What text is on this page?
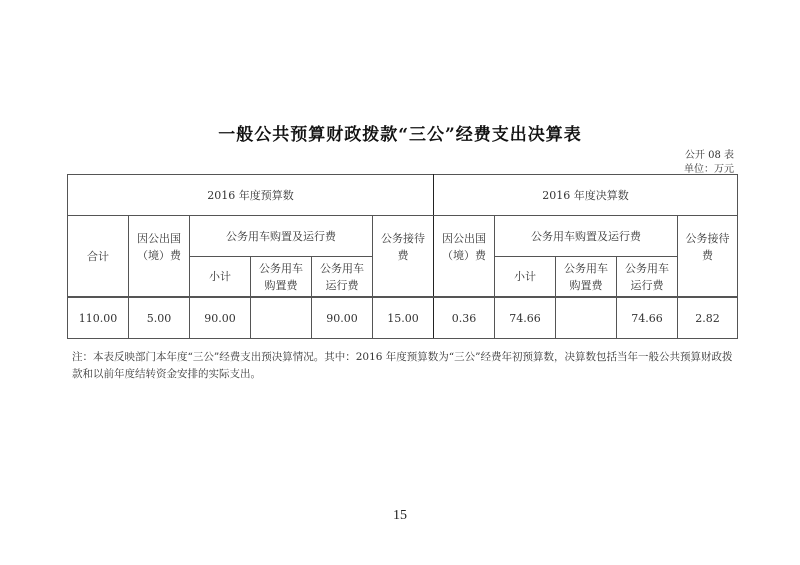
一般公共预算财政拨款“三公”经费支出决算表
公开 08 表
单位：万元
2016 年度预算数						2016 年度决算数				
合计	因公出国（境）费	公务用车购置及运行费			公务接待费	因公出国（境）费	公务用车购置及运行费			公务接待费

		小计	公务用车购置费	公务用车运行费			小计	公务用车购置费	公务用车运行费	

110.00	5.00	90.00		90.00	15.00	0.36	74.66		74.66	2.82
注：本表反映部门本年度“三公”经费支出预决算情况。其中：2016 年度预算数为“三公”经费年初预算数，决算数包括当年一般公共预算财政拨款和以前年度结转资金安排的实际支出。
15
